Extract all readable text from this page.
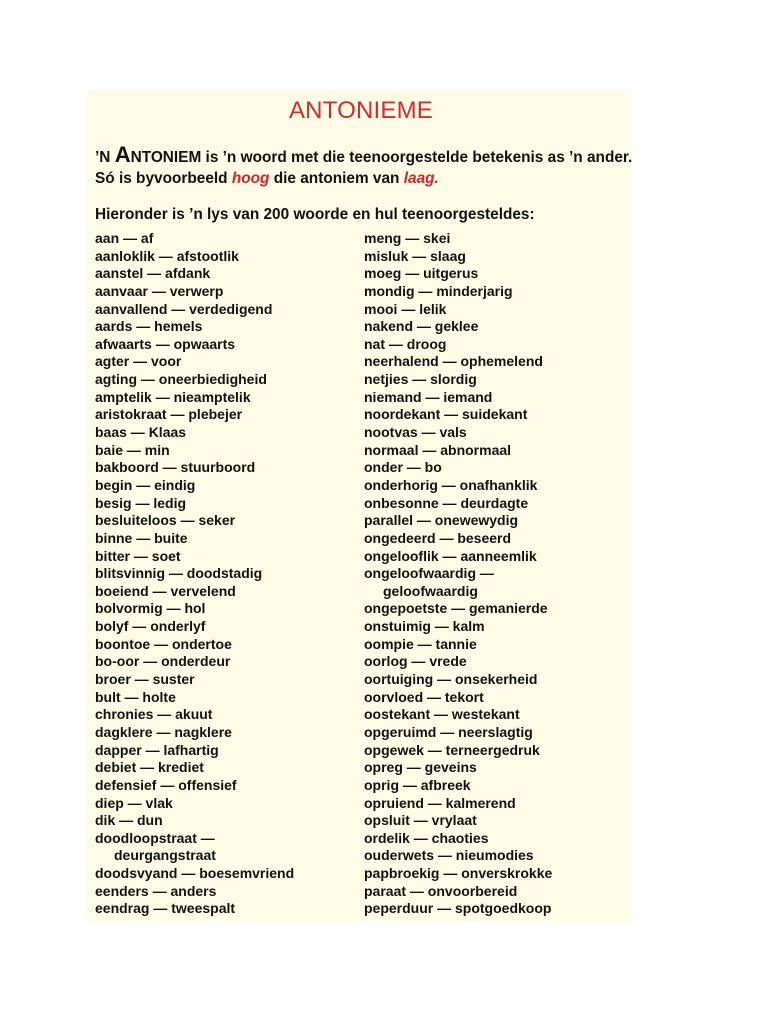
ANTONIEME
’N ANTONIEM is ’n woord met die teenoorgestelde betekenis as ’n ander.
Só is byvoorbeeld hoog die antoniem van laag.
Hieronder is ’n lys van 200 woorde en hul teenoorgesteldes:
aan — af
aanloklik — afstootlik
aanstel — afdank
aanvaar — verwerp
aanvallend — verdedigend
aards — hemels
afwaarts — opwaarts
agter — voor
agting — oneerbiedigheid
amptelik — nieamptelik
aristokraat — plebejer
baas — Klaas
baie — min
bakboord — stuurboord
begin — eindig
besig — ledig
besluiteloos — seker
binne — buite
bitter — soet
blitsvinnig — doodstadig
boeiend — vervelend
bolvormig — hol
bolyf — onderlyf
boontoe — ondertoe
bo-oor — onderdeur
broer — suster
bult — holte
chronies — akuut
dagklere — nagklere
dapper — lafhartig
debiet — krediet
defensief — offensief
diep — vlak
dik — dun
doodloopstraat —
deurgangstraat
doodsvyand — boesemvriend
eenders — anders
eendrag — tweespalt
meng — skei
misluk — slaag
moeg — uitgerus
mondig — minderjarig
mooi — lelik
nakend — geklee
nat — droog
neerhalend — ophemelend
netjies — slordig
niemand — iemand
noordekant — suidekant
nootvas — vals
normaal — abnormaal
onder — bo
onderhorig — onafhanklik
onbesonne — deurdagte
parallel — onewewydig
ongedeerd — beseerd
ongelooflik — aanneemlik
ongeloofwaardig —
geloofwaardig
ongepoetste — gemanierde
onstuimig — kalm
oompie — tannie
oorlog — vrede
oortuiging — onsekerheid
oorvloed — tekort
oostekant — westekant
opgeruimd — neerslagtig
opgewek — terneergedruk
opreg — geveins
oprig — afbreek
opruiend — kalmerend
opsluit — vrylaat
ordelik — chaoties
ouderwets — nieumodies
papbroekig — onverskrokke
paraat — onvoorbereid
peperduur — spotgoedkoop
